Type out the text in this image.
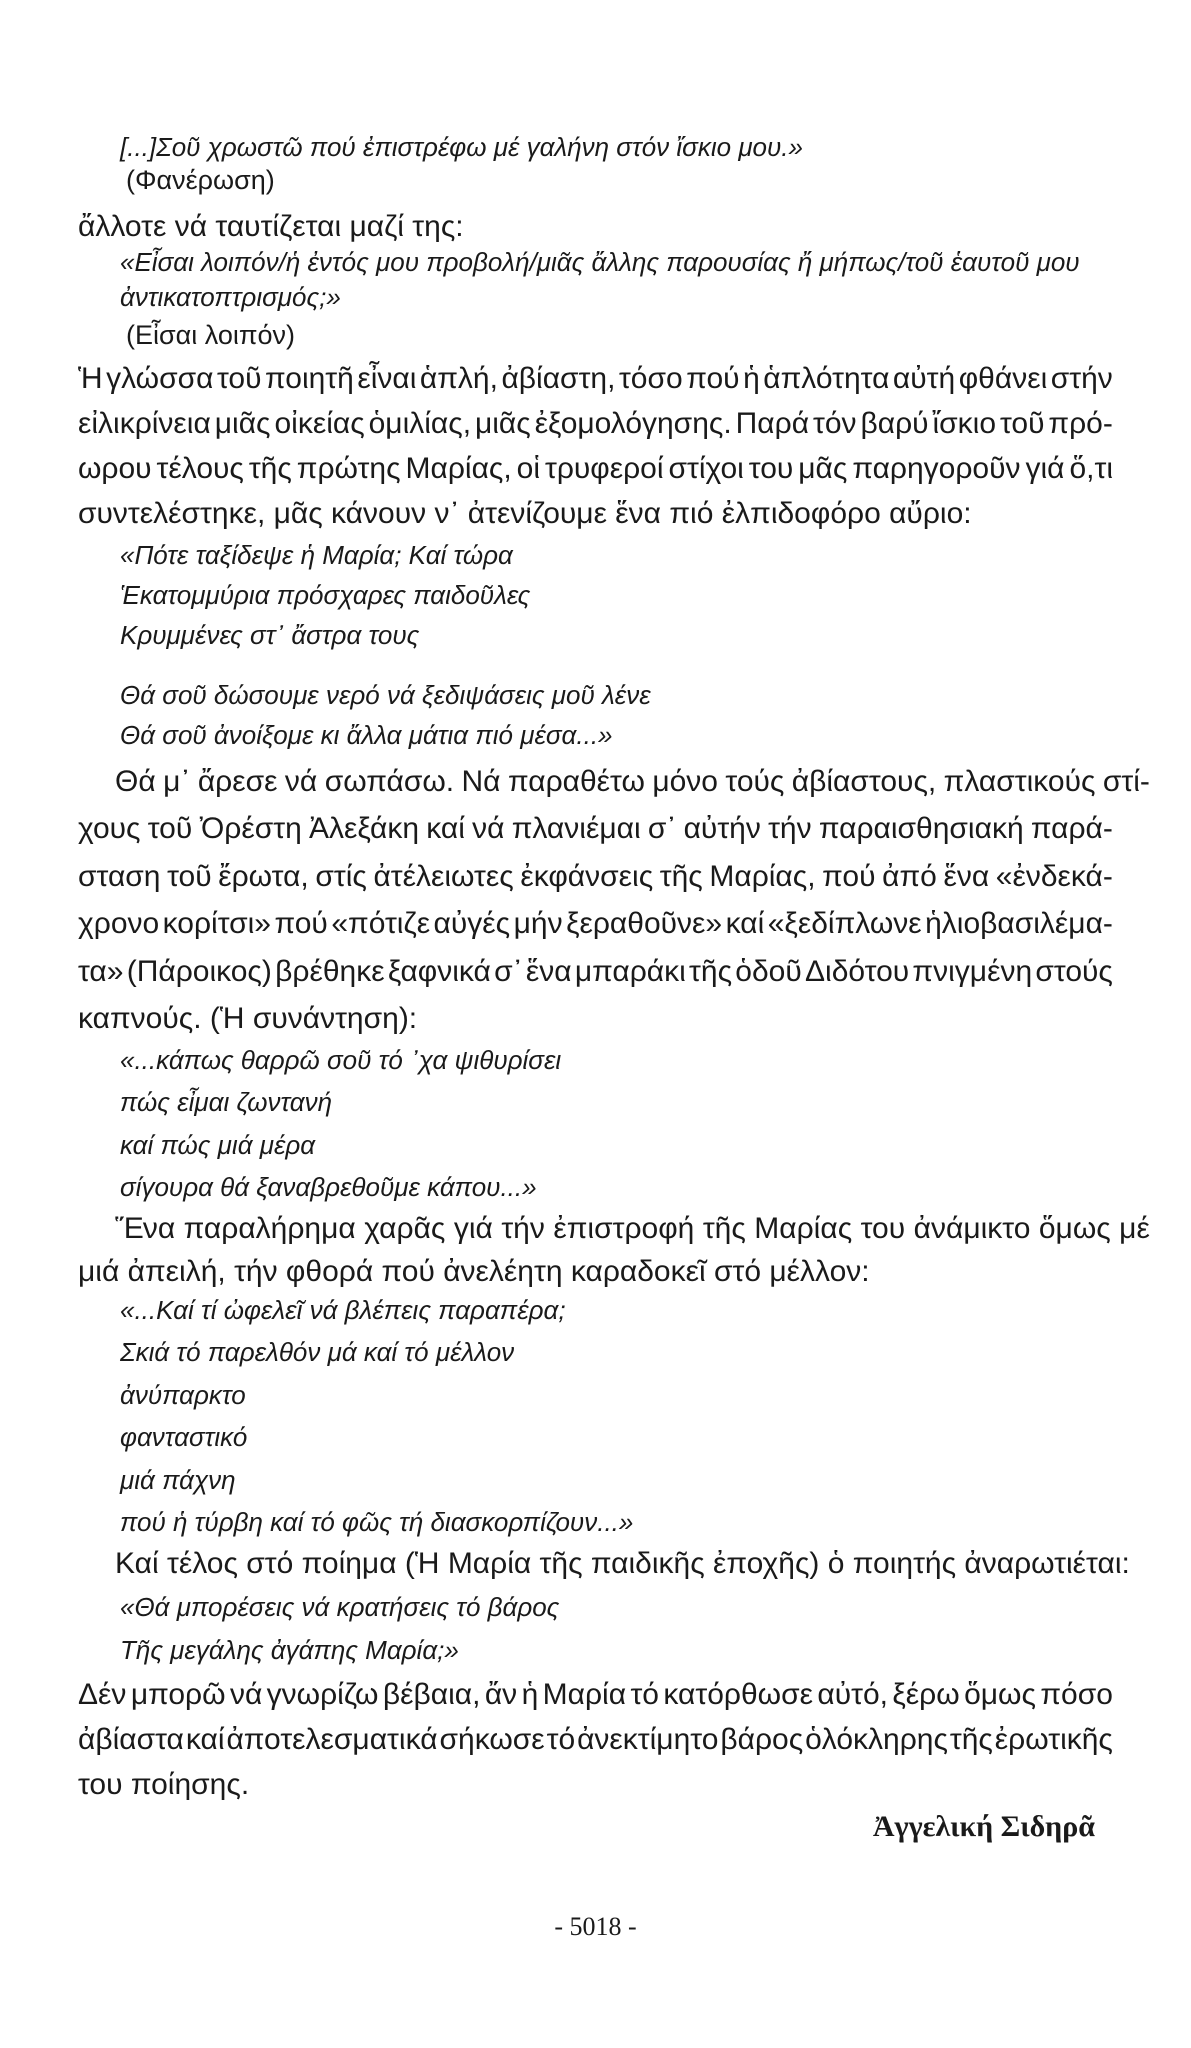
[...]Σοῦ χρωστῶ πού ἐπιστρέφω μέ γαλήνη στόν ἴσκιο μου.»
(Φανέρωση)
ἄλλοτε νά ταυτίζεται μαζί της:
«Εἶσαι λοιπόν/ἡ ἐντός μου προβολή/μιᾶς ἄλλης παρουσίας ἤ μήπως/τοῦ ἑαυτοῦ μου
ἀντικατοπτρισμός;»
(Εἶσαι λοιπόν)
Ἡ γλώσσα τοῦ ποιητῆ εἶναι ἁπλή, ἀβίαστη, τόσο πού ἡ ἁπλότητα αὐτή φθάνει στήν
εἰλικρίνεια μιᾶς οἰκείας ὁμιλίας, μιᾶς ἐξομολόγησης. Παρά τόν βαρύ ἴσκιο τοῦ πρό-
ωρου τέλους τῆς πρώτης Μαρίας, οἱ τρυφεροί στίχοι του μᾶς παρηγοροῦν γιά ὅ,τι
συντελέστηκε, μᾶς κάνουν ν᾿ ἀτενίζουμε ἕνα πιό ἐλπιδοφόρο αὔριο:
«Πότε ταξίδεψε ἡ Μαρία; Καί τώρα
Ἑκατομμύρια πρόσχαρες παιδοῦλες
Κρυμμένες στ᾿ ἄστρα τους
Θά σοῦ δώσουμε νερό νά ξεδιψάσεις μοῦ λένε
Θά σοῦ ἀνοίξομε κι ἄλλα μάτια πιό μέσα...»
Θά μ᾿ ἄρεσε νά σωπάσω. Νά παραθέτω μόνο τούς ἀβίαστους, πλαστικούς στί-
χους τοῦ Ὀρέστη Ἀλεξάκη καί νά πλανιέμαι σ᾿ αὐτήν τήν παραισθησιακή παρά-
σταση τοῦ ἔρωτα, στίς ἀτέλειωτες ἐκφάνσεις τῆς Μαρίας, πού ἀπό ἕνα «ἐνδεκά-
χρονο κορίτσι» πού «πότιζε αὐγές μήν ξεραθοῦνε» καί «ξεδίπλωνε ἡλιοβασιλέμα-
τα» (Πάροικος) βρέθηκε ξαφνικά σ᾿ ἕνα μπαράκι τῆς ὁδοῦ Διδότου πνιγμένη στούς
καπνούς. (Ἡ συνάντηση):
«...κάπως θαρρῶ σοῦ τό ᾿χα ψιθυρίσει
πώς εἶμαι ζωντανή
καί πώς μιά μέρα
σίγουρα θά ξαναβρεθοῦμε κάπου...»
Ἕνα παραλήρημα χαρᾶς γιά τήν ἐπιστροφή τῆς Μαρίας του ἀνάμικτο ὅμως μέ
μιά ἀπειλή, τήν φθορά πού ἀνελέητη καραδοκεῖ στό μέλλον:
«...Καί τί ὠφελεῖ νά βλέπεις παραπέρα;
Σκιά τό παρελθόν μά καί τό μέλλον
ἀνύπαρκτο
φανταστικό
μιά πάχνη
πού ἡ τύρβη καί τό φῶς τή διασκορπίζουν...»
Καί τέλος στό ποίημα (Ἡ Μαρία τῆς παιδικῆς ἐποχῆς) ὁ ποιητής ἀναρωτιέται:
«Θά μπορέσεις νά κρατήσεις τό βάρος
Τῆς μεγάλης ἀγάπης Μαρία;»
Δέν μπορῶ νά γνωρίζω βέβαια, ἄν ἡ Μαρία τό κατόρθωσε αὐτό, ξέρω ὅμως πόσο
ἀβίαστα καί ἀποτελεσματικά σήκωσε τό ἀνεκτίμητο βάρος ὁλόκληρης τῆς ἐρωτικῆς
του ποίησης.
Ἀγγελική Σιδηρᾶ
- 5018 -
